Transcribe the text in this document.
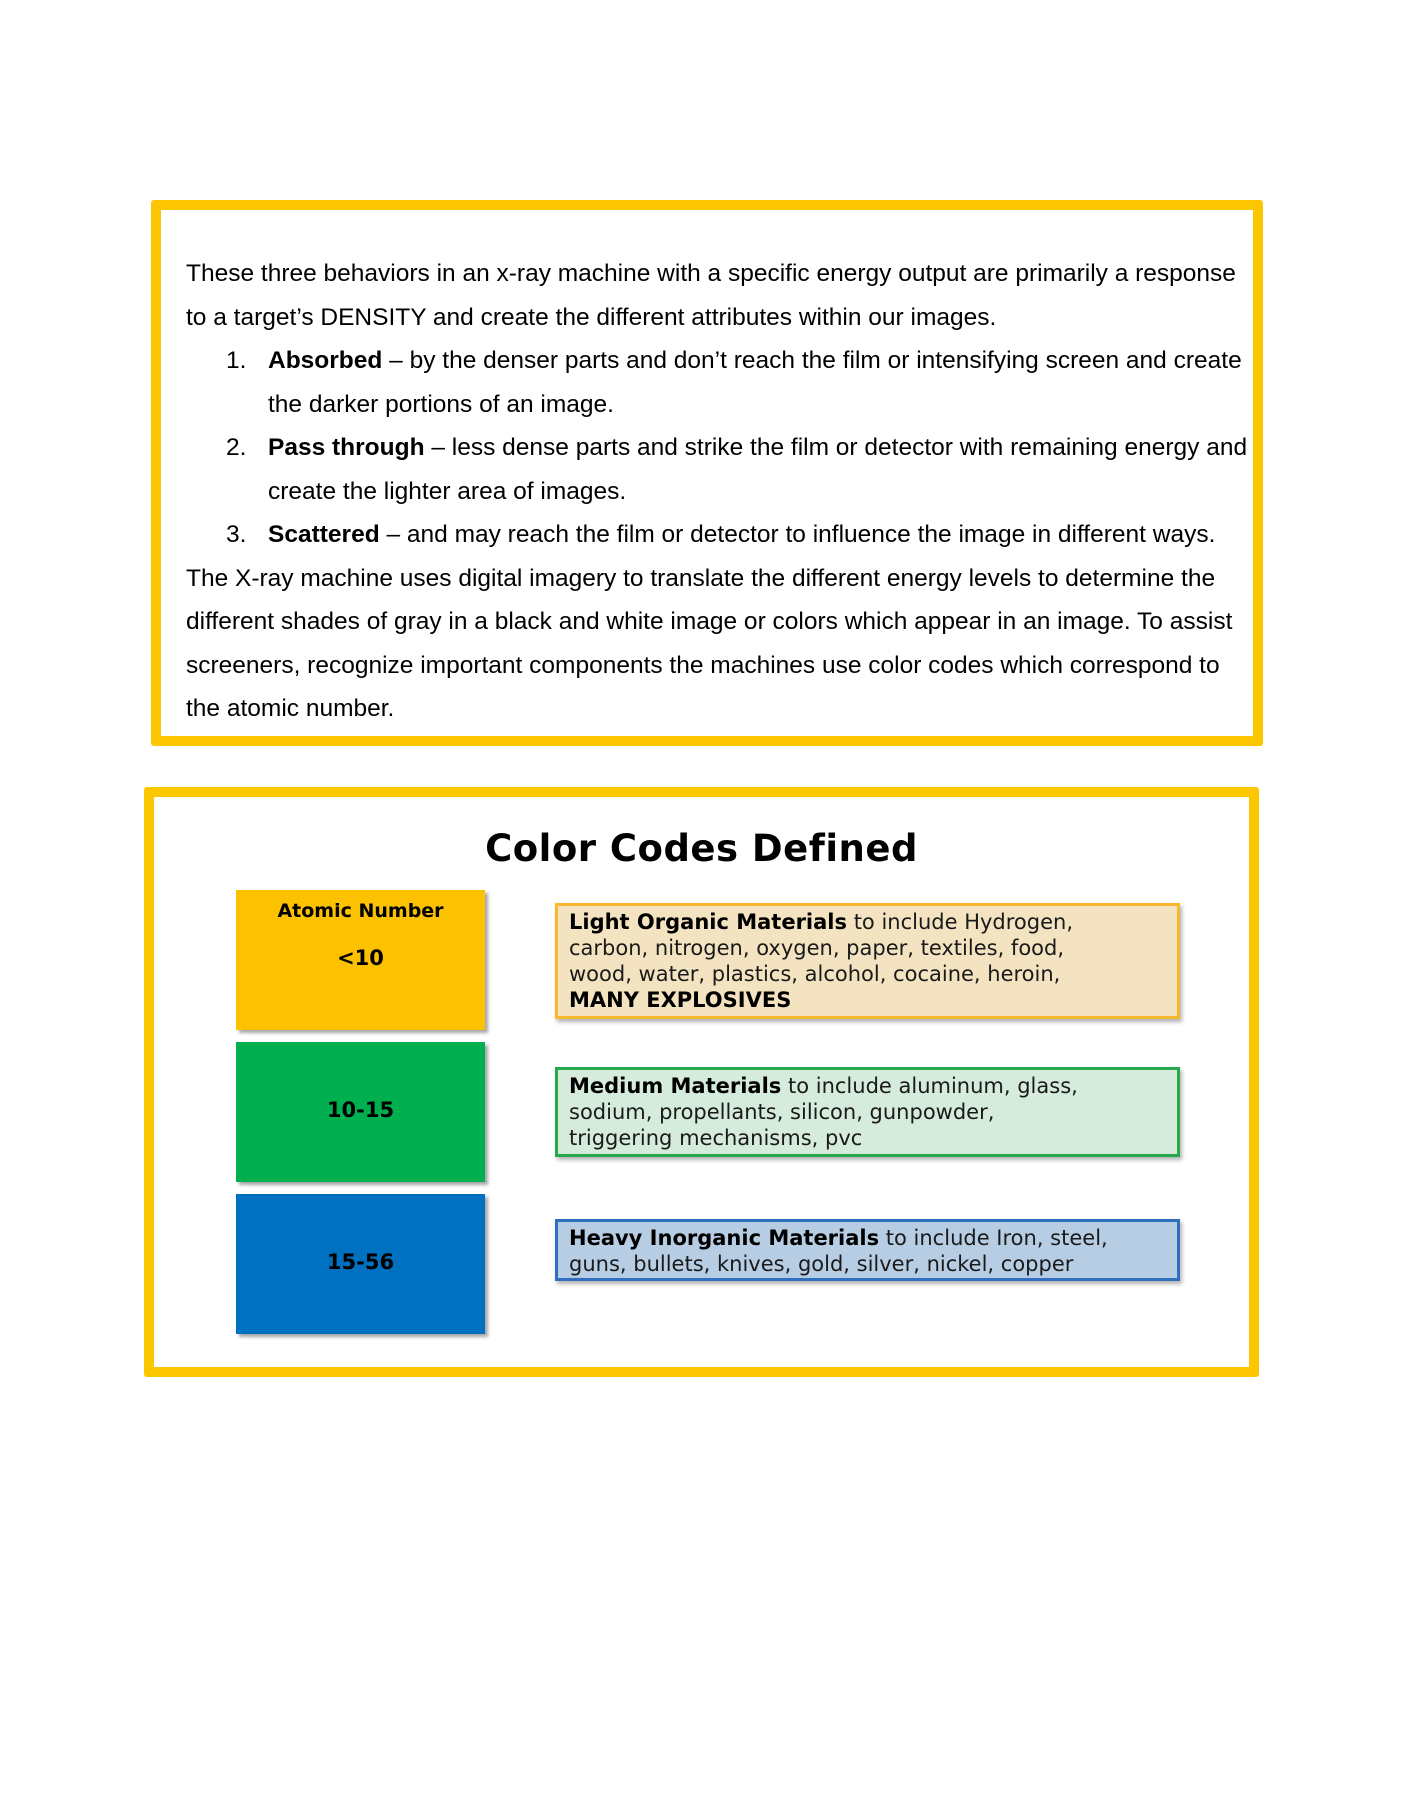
These three behaviors in an x-ray machine with a specific energy output are primarily a response to a target’s DENSITY and create the different attributes within our images.

1. Absorbed – by the denser parts and don’t reach the film or intensifying screen and create the darker portions of an image.
2. Pass through – less dense parts and strike the film or detector with remaining energy and create the lighter area of images.
3. Scattered – and may reach the film or detector to influence the image in different ways.

The X-ray machine uses digital imagery to translate the different energy levels to determine the different shades of gray in a black and white image or colors which appear in an image. To assist screeners, recognize important components the machines use color codes which correspond to the atomic number.

Color Codes Defined
Atomic Number
<10
Light Organic Materials to include Hydrogen,
carbon, nitrogen, oxygen, paper, textiles, food,
wood, water, plastics, alcohol, cocaine, heroin,
MANY EXPLOSIVES
10-15
Medium Materials to include aluminum, glass,
sodium, propellants, silicon, gunpowder,
triggering mechanisms, pvc
15-56
Heavy Inorganic Materials to include Iron, steel,
guns, bullets, knives, gold, silver, nickel, copper
